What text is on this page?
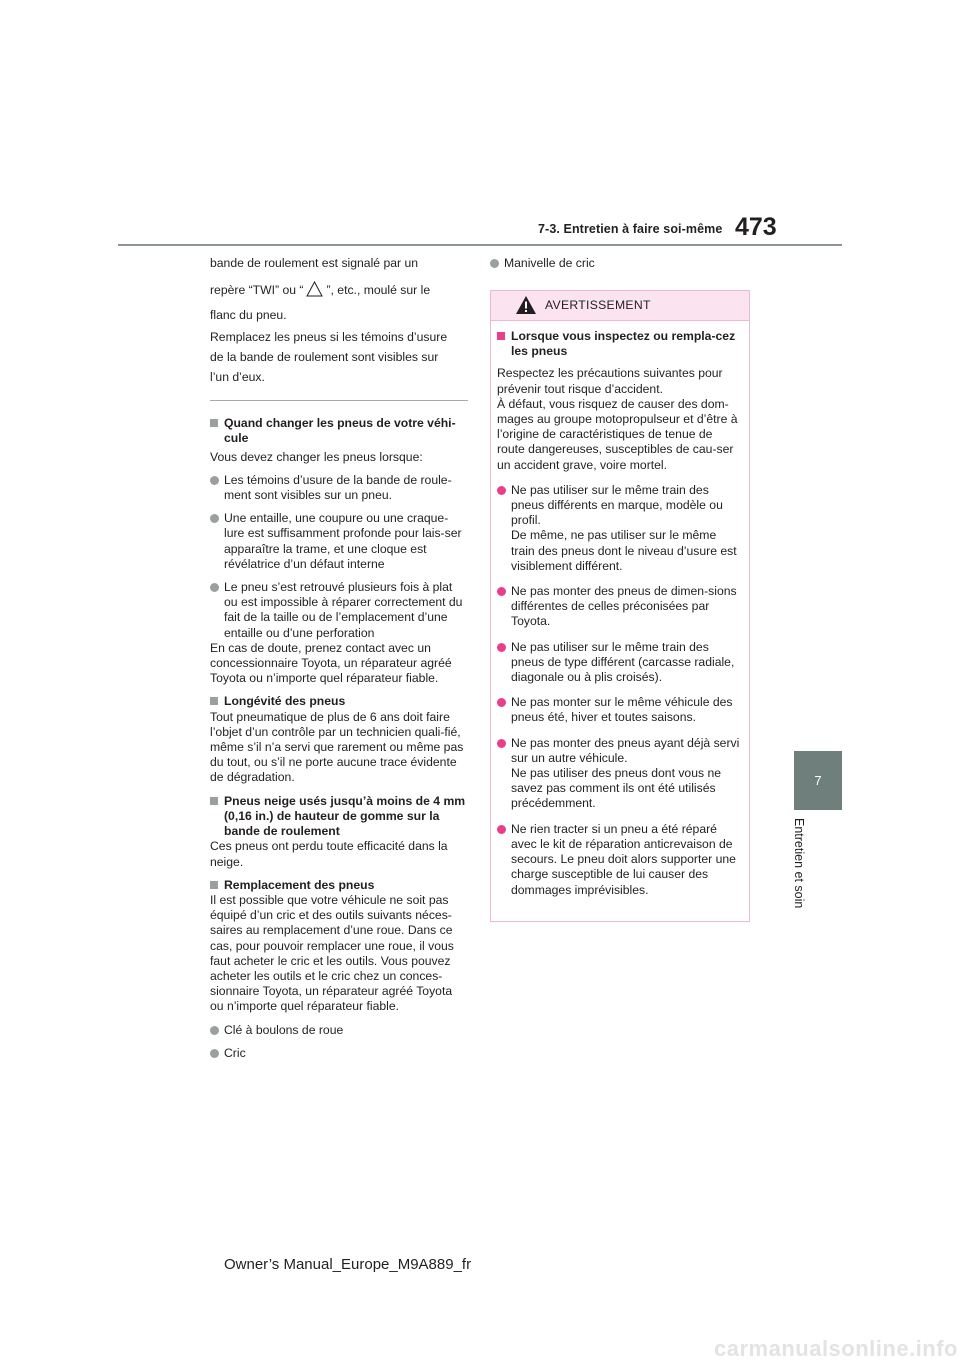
7-3. Entretien à faire soi-même 473
7
Entretien et soin

bande de roulement est signalé par un

repère “TWI” ou “ ”, etc., moulé sur le

flanc du pneu.

Remplacez les pneus si les témoins d’usure

de la bande de roulement sont visibles sur

l’un d’eux.

Quand changer les pneus de votre véhi-cule

Vous devez changer les pneus lorsque:

Les témoins d’usure de la bande de roule-ment sont visibles sur un pneu.
Une entaille, une coupure ou une craque-lure est suffisamment profonde pour lais-ser apparaître la trame, et une cloque est révélatrice d’un défaut interne
Le pneu s’est retrouvé plusieurs fois à plat ou est impossible à réparer correctement du fait de la taille ou de l’emplacement d’une entaille ou d’une perforation

En cas de doute, prenez contact avec un concessionnaire Toyota, un réparateur agréé Toyota ou n’importe quel réparateur fiable.

Longévité des pneus

Tout pneumatique de plus de 6 ans doit faire l’objet d’un contrôle par un technicien quali-fié, même s’il n’a servi que rarement ou même pas du tout, ou s’il ne porte aucune trace évidente de dégradation.

Pneus neige usés jusqu’à moins de 4 mm (0,16 in.) de hauteur de gomme sur la bande de roulement

Ces pneus ont perdu toute efficacité dans la neige.

Remplacement des pneus

Il est possible que votre véhicule ne soit pas équipé d’un cric et des outils suivants néces-saires au remplacement d’une roue. Dans ce cas, pour pouvoir remplacer une roue, il vous faut acheter le cric et les outils. Vous pouvez acheter les outils et le cric chez un conces-sionnaire Toyota, un réparateur agréé Toyota ou n’importe quel réparateur fiable.

Clé à boulons de roue
Cric
Manivelle de cric
AVERTISSEMENT
Lorsque vous inspectez ou rempla-cez les pneus

Respectez les précautions suivantes pour prévenir tout risque d’accident.

À défaut, vous risquez de causer des dom-mages au groupe motopropulseur et d’être à l’origine de caractéristiques de tenue de route dangereuses, susceptibles de cau-ser un accident grave, voire mortel.

Ne pas utiliser sur le même train des pneus différents en marque, modèle ou profil.

De même, ne pas utiliser sur le même train des pneus dont le niveau d’usure est visiblement différent.

Ne pas monter des pneus de dimen-sions différentes de celles préconisées par Toyota.

Ne pas utiliser sur le même train des pneus de type différent (carcasse radiale, diagonale ou à plis croisés).

Ne pas monter sur le même véhicule des pneus été, hiver et toutes saisons.

Ne pas monter des pneus ayant déjà servi sur un autre véhicule.

Ne pas utiliser des pneus dont vous ne savez pas comment ils ont été utilisés précédemment.

Ne rien tracter si un pneu a été réparé avec le kit de réparation anticrevaison de secours. Le pneu doit alors supporter une charge susceptible de lui causer des dommages imprévisibles.

Owner’s Manual_Europe_M9A889_fr
carmanualsonline.info
